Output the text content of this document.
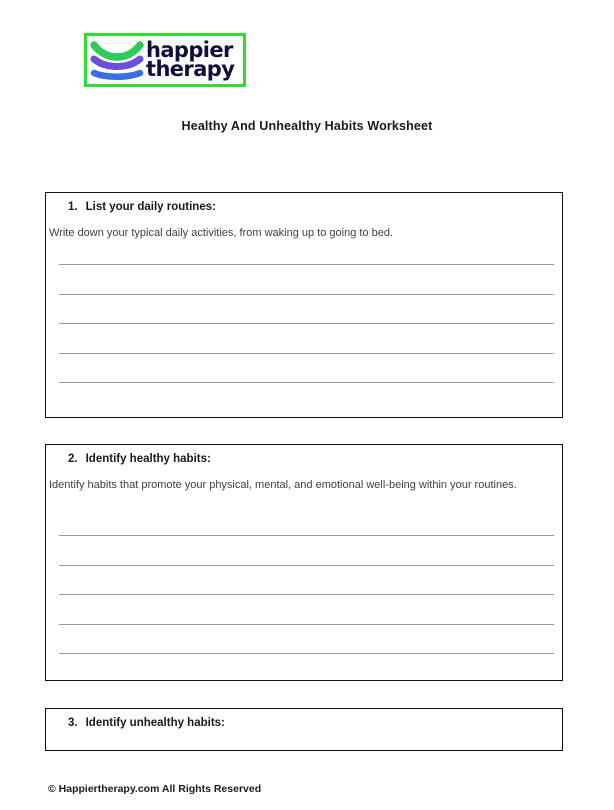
happier
therapy
Healthy And Unhealthy Habits Worksheet
1. List your daily routines:
Write down your typical daily activities, from waking up to going to bed.
2. Identify healthy habits:
Identify habits that promote your physical, mental, and emotional well-being within your routines.
3. Identify unhealthy habits:
© Happiertherapy.com All Rights Reserved
